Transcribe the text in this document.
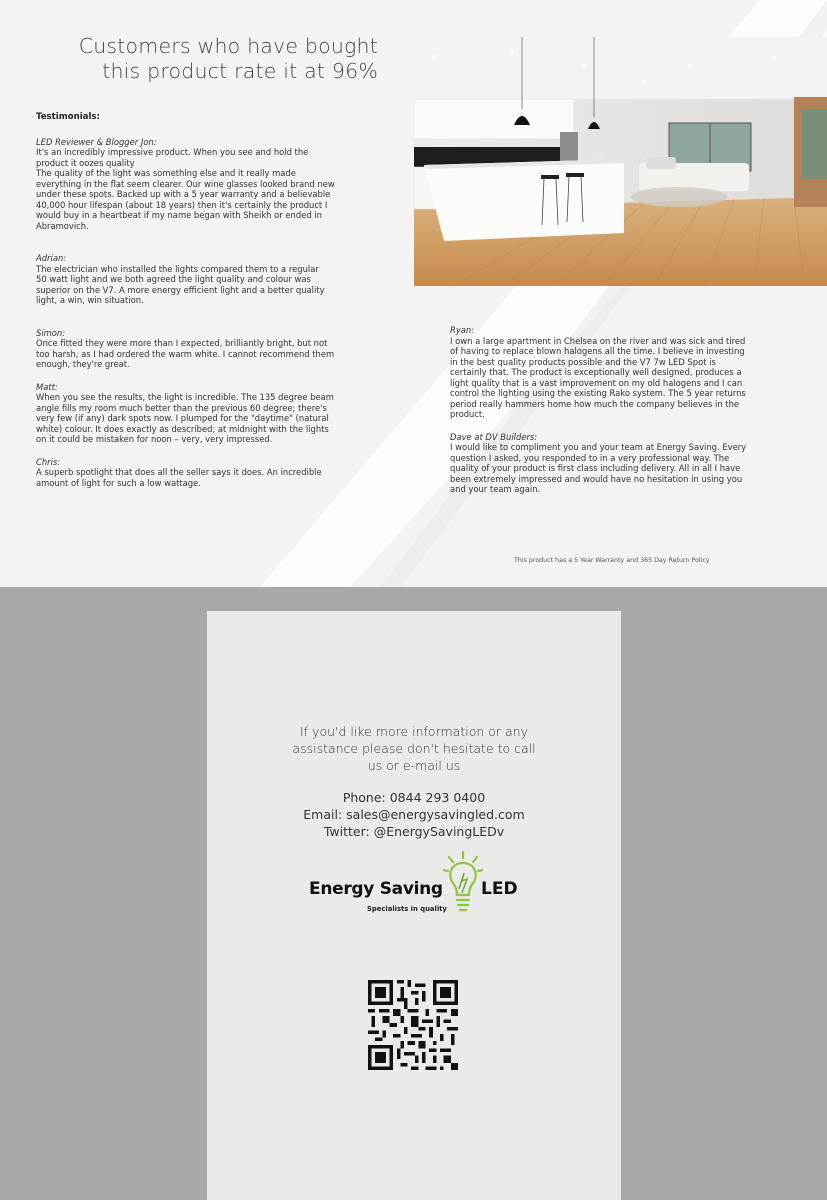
Customers who have bought
this product rate it at 96%
Testimonials:
LED Reviewer & Blogger Jon:
It's an incredibly impressive product. When you see and hold the
product it oozes quality
The quality of the light was something else and it really made
everything in the flat seem clearer. Our wine glasses looked brand new
under these spots. Backed up with a 5 year warranty and a believable
40,000 hour lifespan (about 18 years) then it's certainly the product I
would buy in a heartbeat if my name began with Sheikh or ended in
Abramovich.
Adrian:
The electrician who installed the lights compared them to a regular
50 watt light and we both agreed the light quality and colour was
superior on the V7. A more energy efficient light and a better quality
light, a win, win situation.
Simon:
Once fitted they were more than I expected, brilliantly bright, but not
too harsh, as I had ordered the warm white. I cannot recommend them
enough, they're great.
Matt:
When you see the results, the light is incredible. The 135 degree beam
angle fills my room much better than the previous 60 degree; there's
very few (if any) dark spots now. I plumped for the "daytime" (natural
white) colour. It does exactly as described; at midnight with the lights
on it could be mistaken for noon – very, very impressed.
Chris:
A superb spotlight that does all the seller says it does. An incredible
amount of light for such a low wattage.
Ryan:
I own a large apartment in Chelsea on the river and was sick and tired
of having to replace blown halogens all the time. I believe in investing
in the best quality products possible and the V7 7w LED Spot is
certainly that. The product is exceptionally well designed, produces a
light quality that is a vast improvement on my old halogens and I can
control the lighting using the existing Rako system. The 5 year returns
period really hammers home how much the company believes in the
product.
Dave at DV Builders:
I would like to compliment you and your team at Energy Saving. Every
question I asked, you responded to in a very professional way. The
quality of your product is first class including delivery. All in all I have
been extremely impressed and would have no hesitation in using you
and your team again.
This product has a 5 Year Warranty and 365 Day Return Policy
If you'd like more information or any
assistance please don't hesitate to call
us or e-mail us
Phone: 0844 293 0400
Email: sales@energysavingled.com
Twitter: @EnergySavingLEDv
Energy Saving LED
Specialists in quality
